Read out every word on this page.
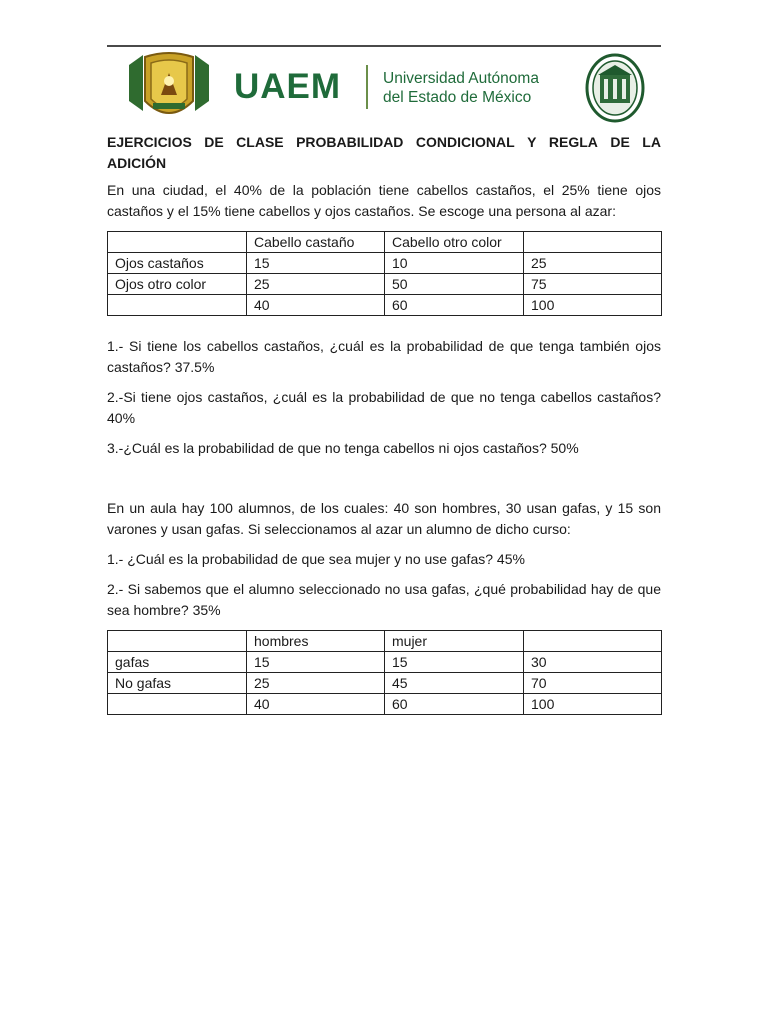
UAEM	Universidad Autónoma
del Estado de México
EJERCICIOS DE CLASE PROBABILIDAD CONDICIONAL Y REGLA DE LA
ADICIÓN

En una ciudad, el 40% de la población tiene cabellos castaños, el 25% tiene ojos castaños y el 15% tiene cabellos y ojos castaños. Se escoge una persona al azar:

	Cabello castaño	Cabello otro color	
Ojos castaños	15	10	25
Ojos otro color	25	50	75
	40	60	100

1.- Si tiene los cabellos castaños, ¿cuál es la probabilidad de que tenga también ojos castaños? 37.5%

2.-Si tiene ojos castaños, ¿cuál es la probabilidad de que no tenga cabellos castaños? 40%

3.-¿Cuál es la probabilidad de que no tenga cabellos ni ojos castaños? 50%

En un aula hay 100 alumnos, de los cuales: 40 son hombres, 30 usan gafas, y 15 son varones y usan gafas. Si seleccionamos al azar un alumno de dicho curso:

1.- ¿Cuál es la probabilidad de que sea mujer y no use gafas? 45%

2.- Si sabemos que el alumno seleccionado no usa gafas, ¿qué probabilidad hay de que sea hombre? 35%

	hombres	mujer	
gafas	15	15	30
No gafas	25	45	70
	40	60	100
